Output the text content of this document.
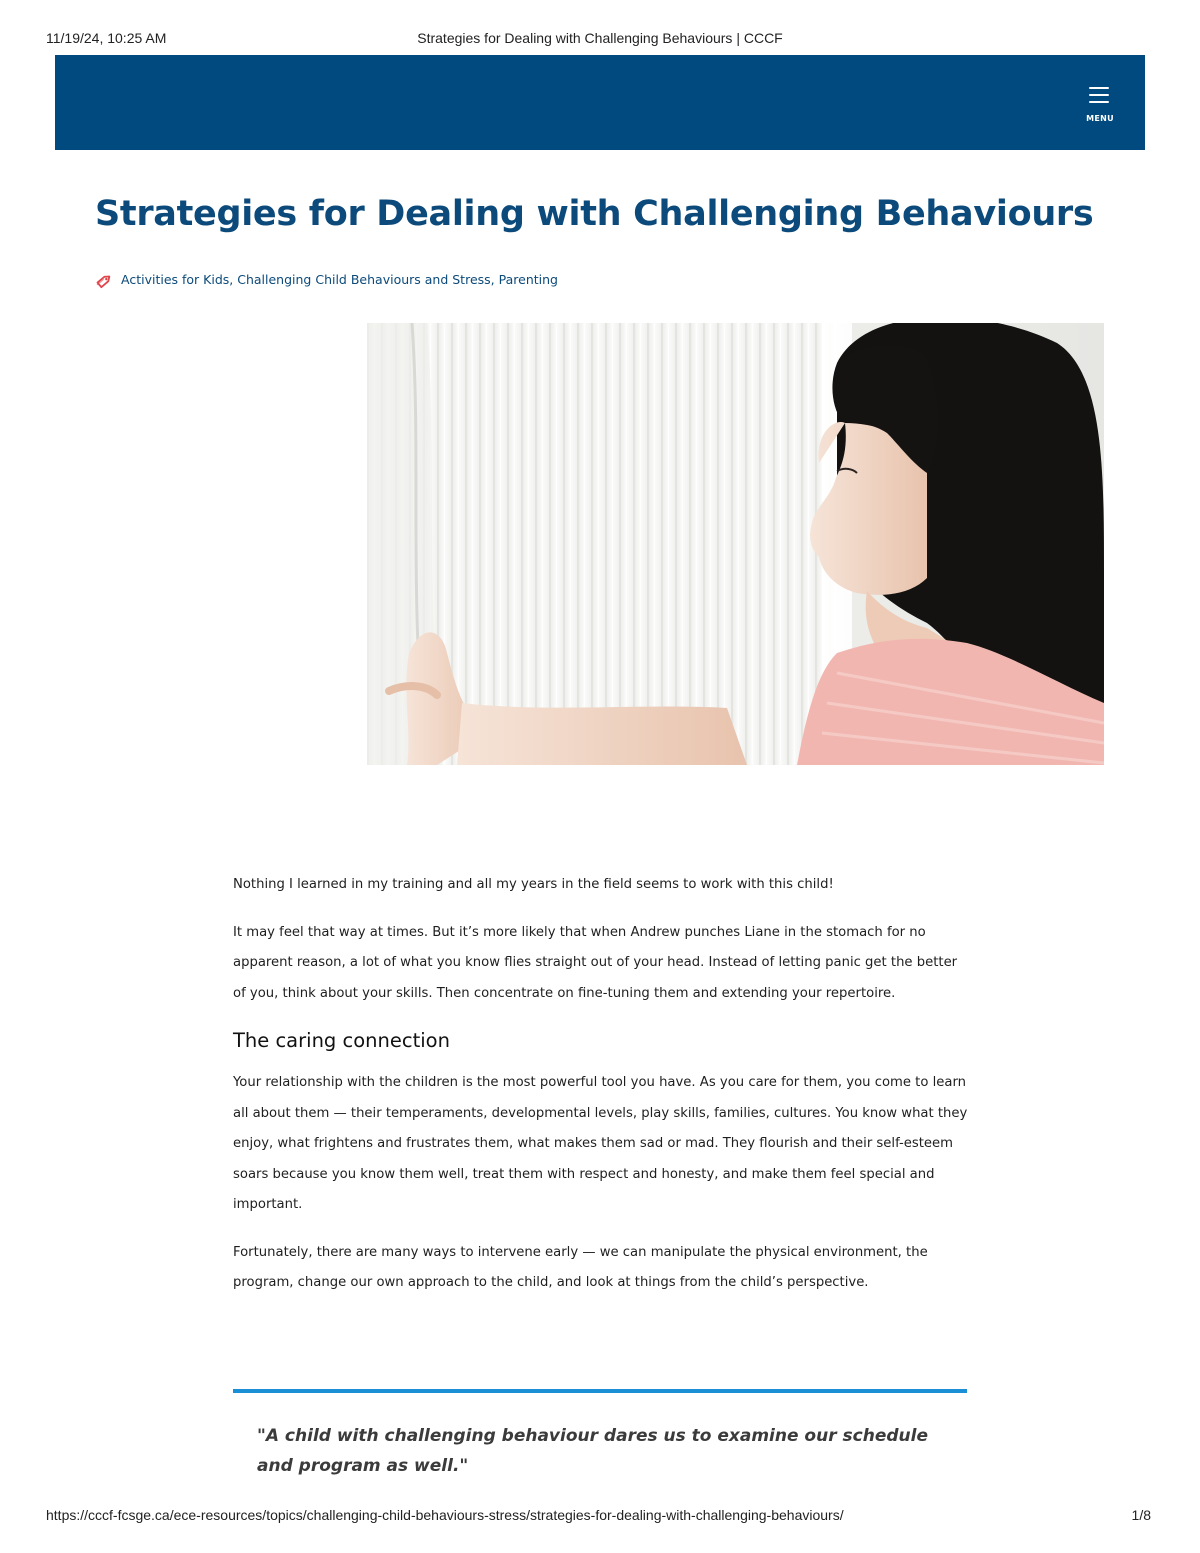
11/19/24, 10:25 AM	Strategies for Dealing with Challenging Behaviours | CCCF
MENU
Strategies for Dealing with Challenging Behaviours
Activities for Kids, Challenging Child Behaviours and Stress, Parenting

Nothing I learned in my training and all my years in the field seems to work with this child!

It may feel that way at times. But it’s more likely that when Andrew punches Liane in the stomach for no apparent reason, a lot of what you know flies straight out of your head. Instead of letting panic get the better of you, think about your skills. Then concentrate on fine-tuning them and extending your repertoire.

The caring connection

Your relationship with the children is the most powerful tool you have. As you care for them, you come to learn all about them — their temperaments, developmental levels, play skills, families, cultures. You know what they enjoy, what frightens and frustrates them, what makes them sad or mad. They flourish and their self-esteem soars because you know them well, treat them with respect and honesty, and make them feel special and important.

Fortunately, there are many ways to intervene early — we can manipulate the physical environment, the program, change our own approach to the child, and look at things from the child’s perspective.

"A child with challenging behaviour dares us to examine our schedule and program as well."
https://cccf-fcsge.ca/ece-resources/topics/challenging-child-behaviours-stress/strategies-for-dealing-with-challenging-behaviours/	1/8
